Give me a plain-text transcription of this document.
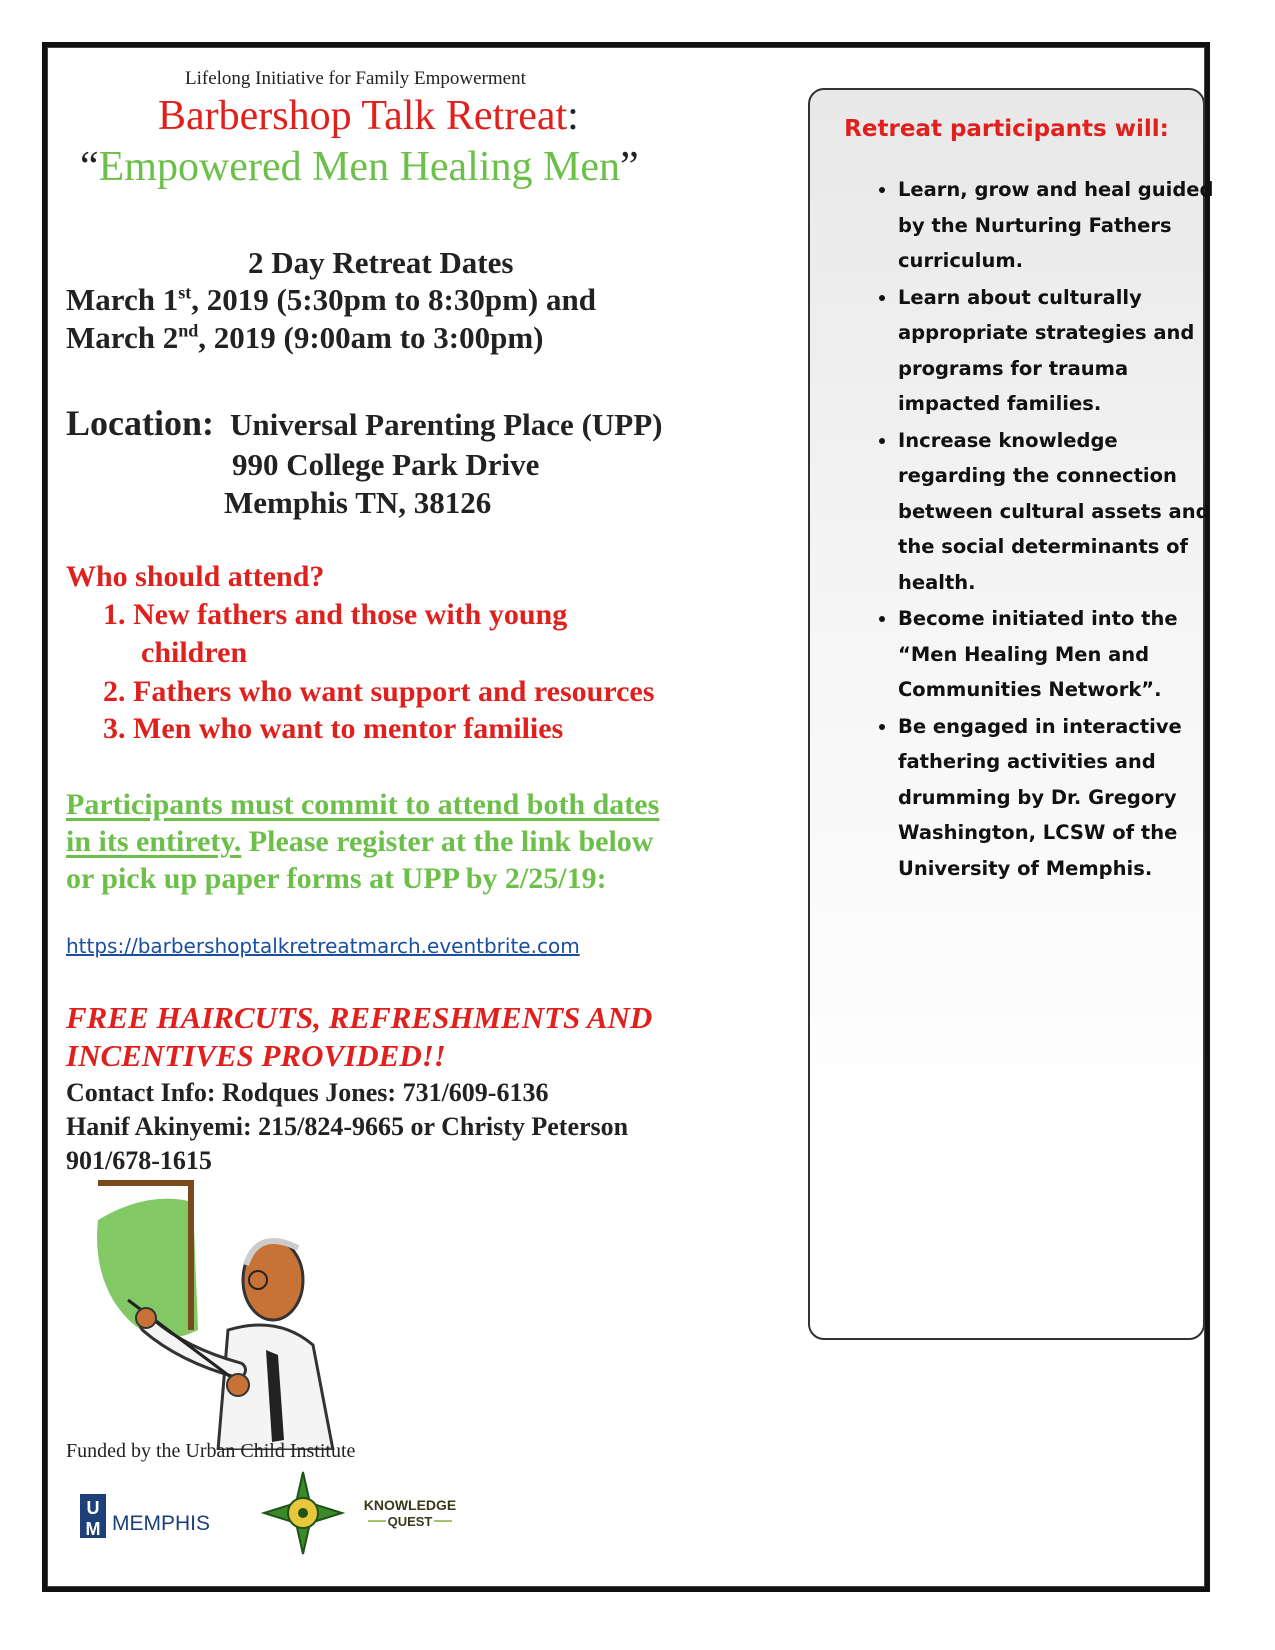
Lifelong Initiative for Family Empowerment
Barbershop Talk Retreat:
“Empowered Men Healing Men”
2 Day Retreat Dates
March 1st, 2019 (5:30pm to 8:30pm) and
March 2nd, 2019 (9:00am to 3:00pm)
Location: Universal Parenting Place (UPP)
990 College Park Drive
Memphis TN, 38126
Who should attend?
1. New fathers and those with young
children
2. Fathers who want support and resources
3. Men who want to mentor families
Participants must commit to attend both dates
in its entirety. Please register at the link below
or pick up paper forms at UPP by 2/25/19:
https://barbershoptalkretreatmarch.eventbrite.com
FREE HAIRCUTS, REFRESHMENTS AND
INCENTIVES PROVIDED!!
Contact Info: Rodques Jones: 731/609-6136
Hanif Akinyemi: 215/824-9665 or Christy Peterson
901/678-1615
Funded by the Urban Child Institute
U
M MEMPHIS
KNOWLEDGE
QUEST
Retreat participants will:
• Learn, grow and heal guided by the Nurturing Fathers curriculum.
• Learn about culturally appropriate strategies and programs for trauma impacted families.
• Increase knowledge regarding the connection between cultural assets and the social determinants of health.
• Become initiated into the “Men Healing Men and Communities Network”.
• Be engaged in interactive fathering activities and drumming by Dr. Gregory Washington, LCSW of the University of Memphis.
